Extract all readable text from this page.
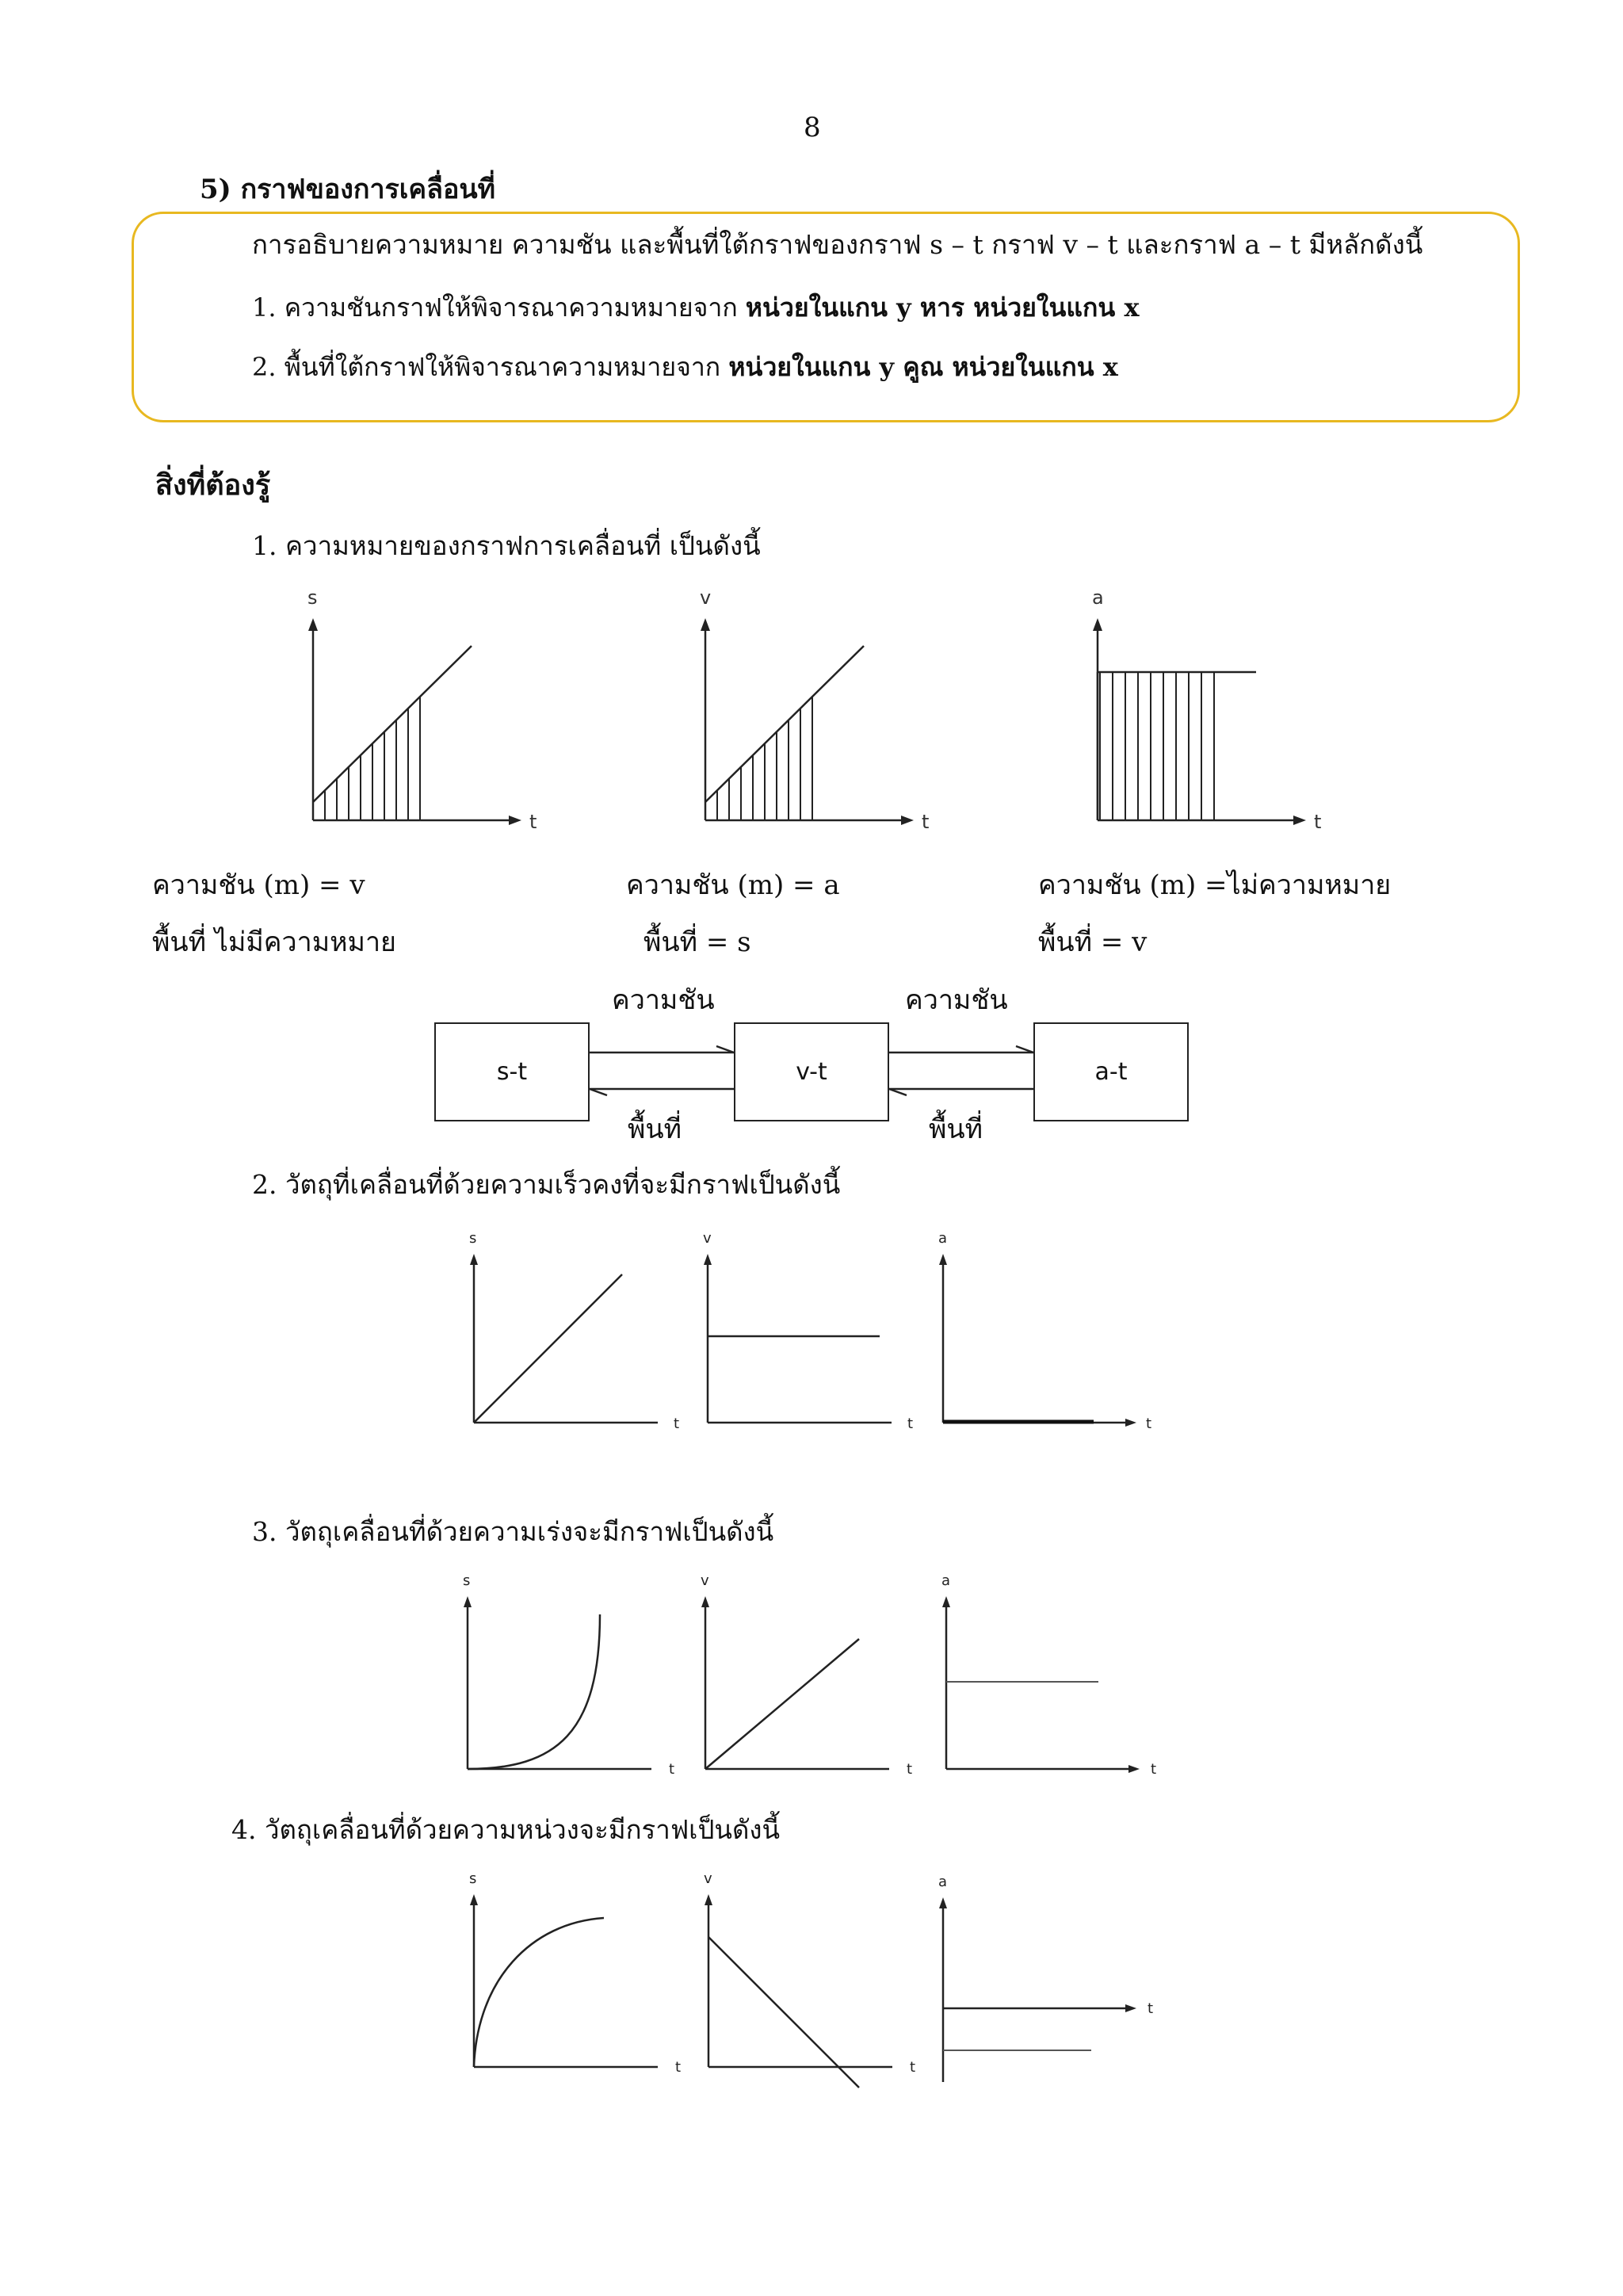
8
5) กราฟของการเคลื่อนที่
การอธิบายความหมาย ความชัน และพื้นที่ใต้กราฟของกราฟ s – t กราฟ v – t และกราฟ a – t มีหลักดังนี้
1. ความชันกราฟให้พิจารณาความหมายจาก หน่วยในแกน y หาร หน่วยในแกน x
2. พื้นที่ใต้กราฟให้พิจารณาความหมายจาก หน่วยในแกน y คูณ หน่วยในแกน x
สิ่งที่ต้องรู้
1. ความหมายของกราฟการเคลื่อนที่ เป็นดังนี้
s
t
v
t
a
t
ความชัน (m) = v
พื้นที่ ไม่มีความหมาย
ความชัน (m) = a
พื้นที่ = s
ความชัน (m) =ไม่ความหมาย
พื้นที่ = v
ความชัน	ความชัน
s-t	v-t	a-t
พื้นที่	พื้นที่
2. วัตถุที่เคลื่อนที่ด้วยความเร็วคงที่จะมีกราฟเป็นดังนี้
s
t
v
t
a
t
3. วัตถุเคลื่อนที่ด้วยความเร่งจะมีกราฟเป็นดังนี้
s
t
v
t
a
t
4. วัตถุเคลื่อนที่ด้วยความหน่วงจะมีกราฟเป็นดังนี้
s
t
v
t
a
t
